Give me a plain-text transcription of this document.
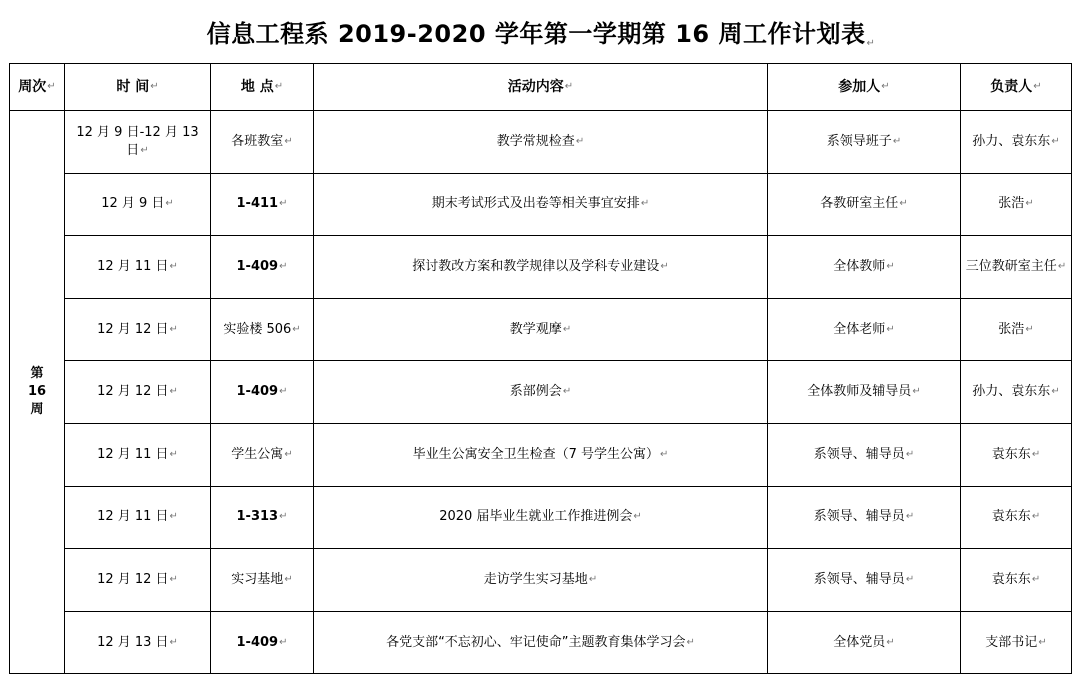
信息工程系 2019-2020 学年第一学期第 16 周工作计划表↵
周次↵	时 间↵	地 点↵	活动内容↵	参加人↵	负责人↵

第
16
周	12 月 9 日-12 月 13 日↵	各班教室↵	教学常规检查↵	系领导班子↵	孙力、袁东东↵
	12 月 9 日↵	1-411↵	期末考试形式及出卷等相关事宜安排↵	各教研室主任↵	张浩↵
	12 月 11 日↵	1-409↵	探讨教改方案和教学规律以及学科专业建设↵	全体教师↵	三位教研室主任↵
	12 月 12 日↵	实验楼 506↵	教学观摩↵	全体老师↵	张浩↵
	12 月 12 日↵	1-409↵	系部例会↵	全体教师及辅导员↵	孙力、袁东东↵
	12 月 11 日↵	学生公寓↵	毕业生公寓安全卫生检查（7 号学生公寓）↵	系领导、辅导员↵	袁东东↵
	12 月 11 日↵	1-313↵	2020 届毕业生就业工作推进例会↵	系领导、辅导员↵	袁东东↵
	12 月 12 日↵	实习基地↵	走访学生实习基地↵	系领导、辅导员↵	袁东东↵
	12 月 13 日↵	1-409↵	各党支部“不忘初心、牢记使命”主题教育集体学习会↵	全体党员↵	支部书记↵
